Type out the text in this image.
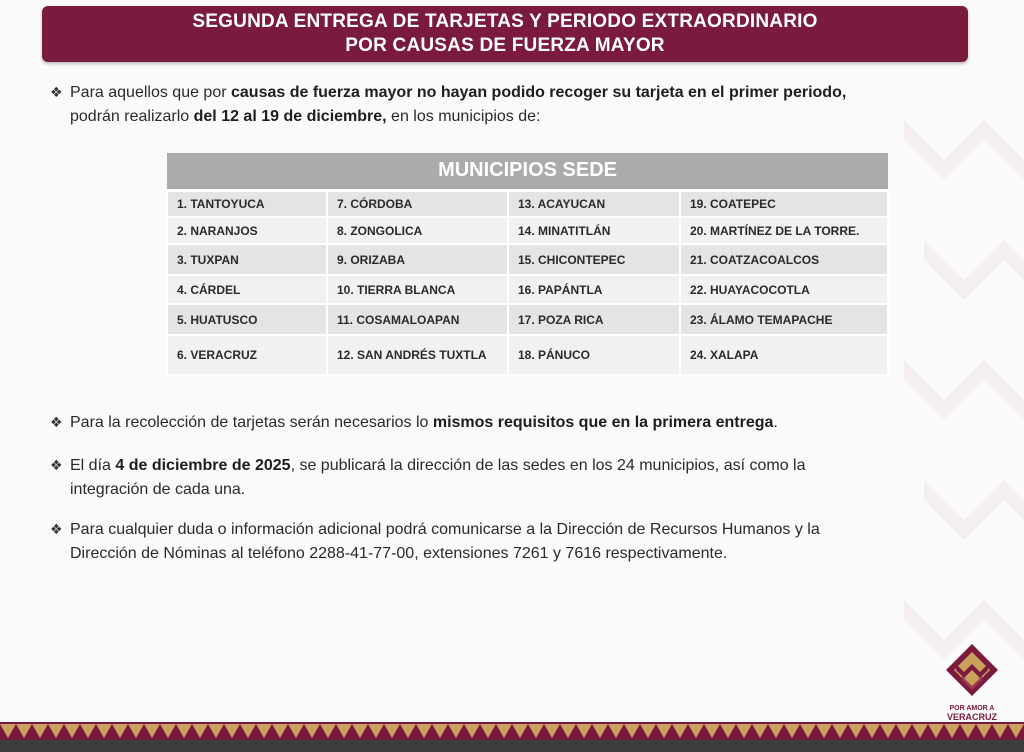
SEGUNDA ENTREGA DE TARJETAS Y PERIODO EXTRAORDINARIO
POR CAUSAS DE FUERZA MAYOR
❖ Para aquellos que por causas de fuerza mayor no hayan podido recoger su tarjeta en el primer periodo,
podrán realizarlo del 12 al 19 de diciembre, en los municipios de:
MUNICIPIOS SEDE			
1. TANTOYUCA	7. CÓRDOBA	13. ACAYUCAN	19. COATEPEC
2. NARANJOS	8. ZONGOLICA	14. MINATITLÁN	20. MARTÍNEZ DE LA TORRE.
3. TUXPAN	9. ORIZABA	15. CHICONTEPEC	21. COATZACOALCOS
4. CÁRDEL	10. TIERRA BLANCA	16. PAPÁNTLA	22. HUAYACOCOTLA
5. HUATUSCO	11. COSAMALOAPAN	17. POZA RICA	23. ÁLAMO TEMAPACHE
6. VERACRUZ	12. SAN ANDRÉS TUXTLA	18. PÁNUCO	24. XALAPA
❖ Para la recolección de tarjetas serán necesarios lo mismos requisitos que en la primera entrega.
❖ El día 4 de diciembre de 2025, se publicará la dirección de las sedes en los 24 municipios, así como la
integración de cada una.
❖ Para cualquier duda o información adicional podrá comunicarse a la Dirección de Recursos Humanos y la
Dirección de Nóminas al teléfono 2288-41-77-00, extensiones 7261 y 7616 respectivamente.
POR AMOR A
VERACRUZ
